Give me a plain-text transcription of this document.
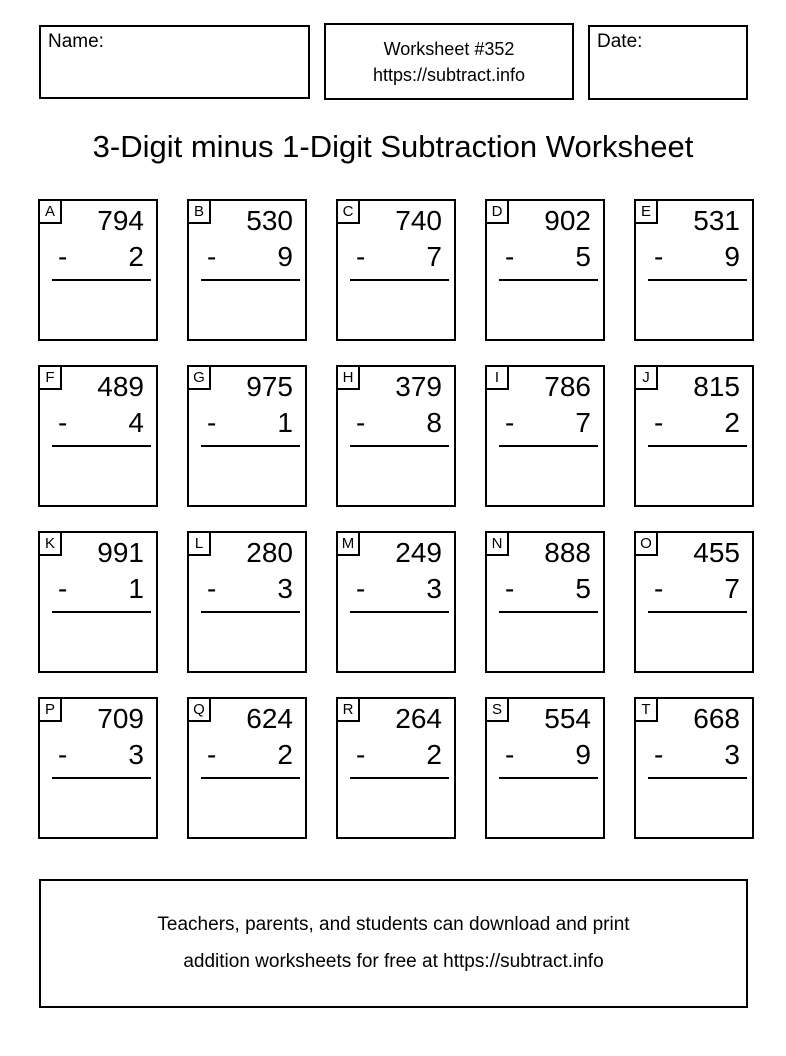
Name:	Worksheet #352
https://subtract.info
Date:
3-Digit minus 1-Digit Subtraction Worksheet
A	794
- 2
B	530
- 9
C	740
- 7
D	902
- 5
E	531
- 9
F	489
- 4
G	975
- 1
H	379
- 8
I	786
- 7
J	815
- 2
K	991
- 1
L	280
- 3
M	249
- 3
N	888
- 5
O	455
- 7
P	709
- 3
Q	624
- 2
R	264
- 2
S	554
- 9
T	668
- 3
Teachers, parents, and students can download and print
addition worksheets for free at https://subtract.info
